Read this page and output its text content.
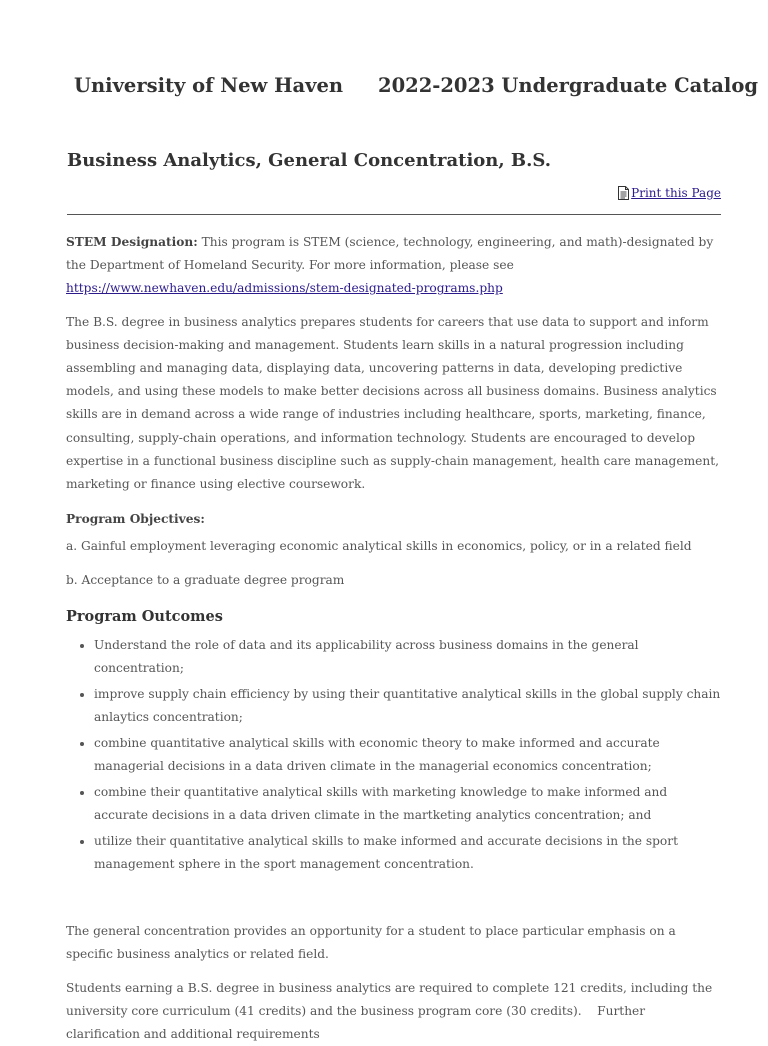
University of New Haven 2022-2023 Undergraduate Catalog
Business Analytics, General Concentration, B.S.
Print this Page

STEM Designation: This program is STEM (science, technology, engineering, and math)-designated by the Department of Homeland Security. For more information, please see https://www.newhaven.edu/admissions/stem-designated-programs.php

The B.S. degree in business analytics prepares students for careers that use data to support and inform business decision-making and management. Students learn skills in a natural progression including assembling and managing data, displaying data, uncovering patterns in data, developing predictive models, and using these models to make better decisions across all business domains. Business analytics skills are in demand across a wide range of industries including healthcare, sports, marketing, finance, consulting, supply-chain operations, and information technology. Students are encouraged to develop expertise in a functional business discipline such as supply-chain management, health care management, marketing or finance using elective coursework.

Program Objectives:

a. Gainful employment leveraging economic analytical skills in economics, policy, or in a related field

b. Acceptance to a graduate degree program

Program Outcomes
• Understand the role of data and its applicability across business domains in the general concentration;
• improve supply chain efficiency by using their quantitative analytical skills in the global supply chain anlaytics concentration;
• combine quantitative analytical skills with economic theory to make informed and accurate managerial decisions in a data driven climate in the managerial economics concentration;
• combine their quantitative analytical skills with marketing knowledge to make informed and accurate decisions in a data driven climate in the martketing analytics concentration; and
• utilize their quantitative analytical skills to make informed and accurate decisions in the sport management sphere in the sport management concentration.

The general concentration provides an opportunity for a student to place particular emphasis on a specific business analytics or related field.

Students earning a B.S. degree in business analytics are required to complete 121 credits, including the university core curriculum (41 credits) and the business program core (30 credits).    Further clarification and additional requirements
